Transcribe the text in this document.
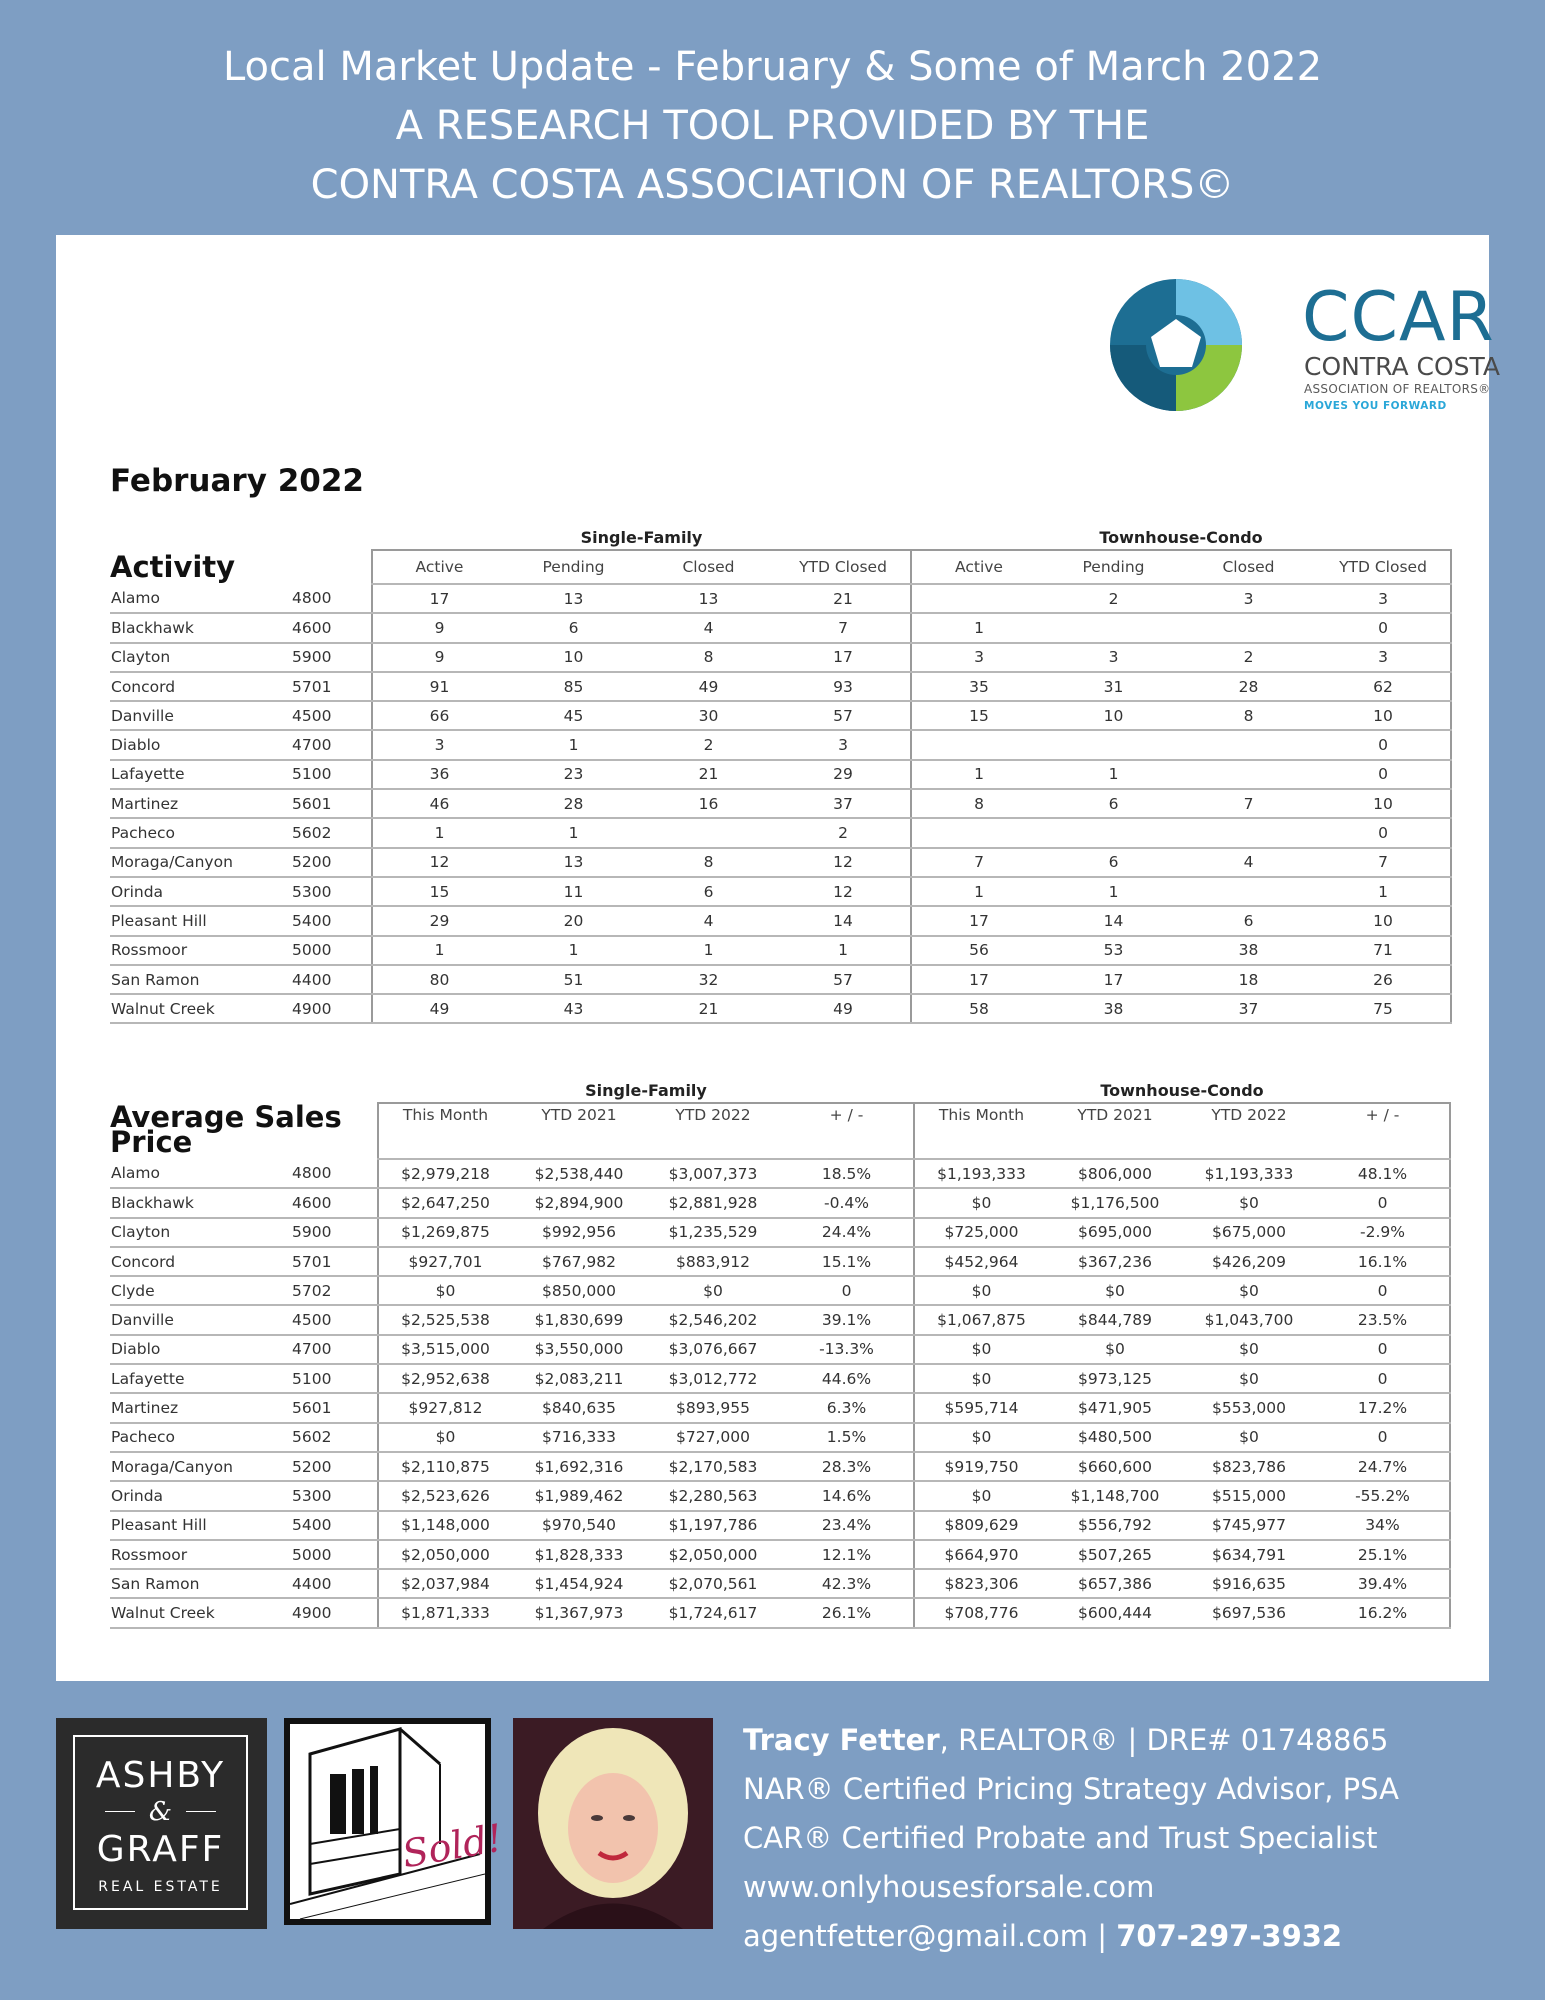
Local Market Update - February & Some of March 2022
A RESEARCH TOOL PROVIDED BY THE
CONTRA COSTA ASSOCIATION OF REALTORS©
CCAR
CONTRA COSTA
ASSOCIATION OF REALTORS®
MOVES YOU FORWARD
February 2022
		Single-Family				Townhouse-Condo			
Activity		Active	Pending	Closed	YTD Closed	Active	Pending	Closed	YTD Closed
Alamo	4800	17	13	13	21		2	3	3
Blackhawk	4600	9	6	4	7	1			0
Clayton	5900	9	10	8	17	3	3	2	3
Concord	5701	91	85	49	93	35	31	28	62
Danville	4500	66	45	30	57	15	10	8	10
Diablo	4700	3	1	2	3				0
Lafayette	5100	36	23	21	29	1	1		0
Martinez	5601	46	28	16	37	8	6	7	10
Pacheco	5602	1	1		2				0
Moraga/Canyon	5200	12	13	8	12	7	6	4	7
Orinda	5300	15	11	6	12	1	1		1
Pleasant Hill	5400	29	20	4	14	17	14	6	10
Rossmoor	5000	1	1	1	1	56	53	38	71
San Ramon	4400	80	51	32	57	17	17	18	26
Walnut Creek	4900	49	43	21	49	58	38	37	75
		Single-Family				Townhouse-Condo			
Average Sales Price		This Month	YTD 2021	YTD 2022	+ / -	This Month	YTD 2021	YTD 2022	+ / -
Alamo	4800	$2,979,218	$2,538,440	$3,007,373	18.5%	$1,193,333	$806,000	$1,193,333	48.1%
Blackhawk	4600	$2,647,250	$2,894,900	$2,881,928	-0.4%	$0	$1,176,500	$0	0
Clayton	5900	$1,269,875	$992,956	$1,235,529	24.4%	$725,000	$695,000	$675,000	-2.9%
Concord	5701	$927,701	$767,982	$883,912	15.1%	$452,964	$367,236	$426,209	16.1%
Clyde	5702	$0	$850,000	$0	0	$0	$0	$0	0
Danville	4500	$2,525,538	$1,830,699	$2,546,202	39.1%	$1,067,875	$844,789	$1,043,700	23.5%
Diablo	4700	$3,515,000	$3,550,000	$3,076,667	-13.3%	$0	$0	$0	0
Lafayette	5100	$2,952,638	$2,083,211	$3,012,772	44.6%	$0	$973,125	$0	0
Martinez	5601	$927,812	$840,635	$893,955	6.3%	$595,714	$471,905	$553,000	17.2%
Pacheco	5602	$0	$716,333	$727,000	1.5%	$0	$480,500	$0	0
Moraga/Canyon	5200	$2,110,875	$1,692,316	$2,170,583	28.3%	$919,750	$660,600	$823,786	24.7%
Orinda	5300	$2,523,626	$1,989,462	$2,280,563	14.6%	$0	$1,148,700	$515,000	-55.2%
Pleasant Hill	5400	$1,148,000	$970,540	$1,197,786	23.4%	$809,629	$556,792	$745,977	34%
Rossmoor	5000	$2,050,000	$1,828,333	$2,050,000	12.1%	$664,970	$507,265	$634,791	25.1%
San Ramon	4400	$2,037,984	$1,454,924	$2,070,561	42.3%	$823,306	$657,386	$916,635	39.4%
Walnut Creek	4900	$1,871,333	$1,367,973	$1,724,617	26.1%	$708,776	$600,444	$697,536	16.2%
ASHBY
&
GRAFF
REAL ESTATE
Sold!
Tracy Fetter, REALTOR® | DRE# 01748865
NAR® Certified Pricing Strategy Advisor, PSA
CAR® Certified Probate and Trust Specialist
www.onlyhousesforsale.com
agentfetter@gmail.com | 707-297-3932
